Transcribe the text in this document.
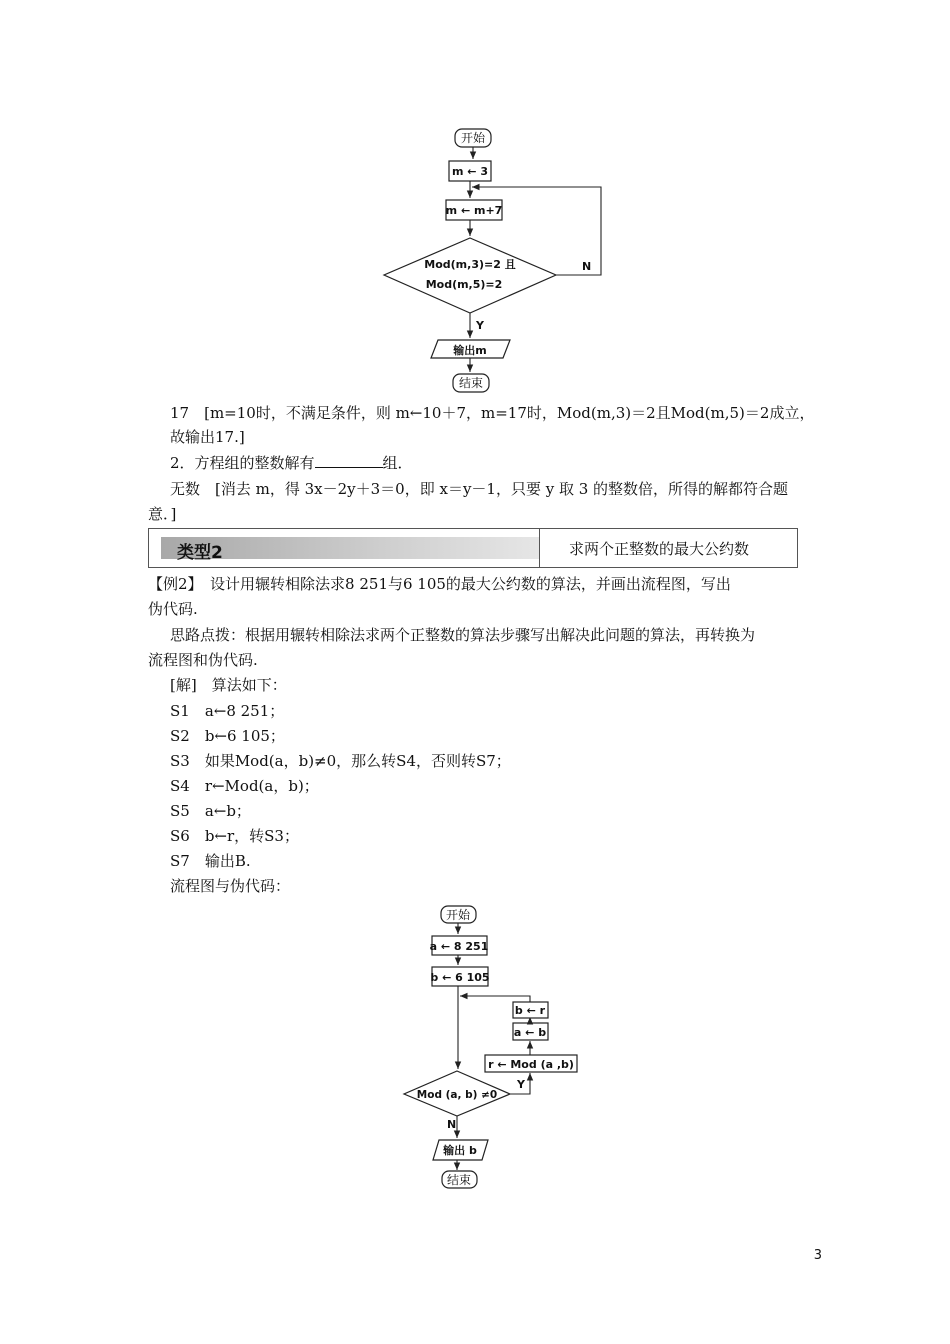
开始
m ← 3
m ← m+7
Mod(m,3)=2 且
Mod(m,5)=2
N
Y
输出m
结束
17　[m=10时，不满足条件，则 m←10＋7，m=17时，Mod(m,3)＝2且Mod(m,5)＝2成立，
故输出17.]
2．方程组的整数解有	组．
无数　[消去 m，得 3x－2y＋3＝0，即 x＝y－1，只要 y 取 3 的整数倍，所得的解都符合题
意．]
类型2	求两个正整数的最大公约数
【例2】　设计用辗转相除法求8 251与6 105的最大公约数的算法，并画出流程图，写出
伪代码.
思路点拨：根据用辗转相除法求两个正整数的算法步骤写出解决此问题的算法，再转换为
流程图和伪代码.
[解]　算法如下：
S1　a←8 251；
S2　b←6 105；
S3　如果Mod(a，b)≠0，那么转S4，否则转S7；
S4　r←Mod(a，b)；
S5　a←b；
S6　b←r，转S3；
S7　输出B.
流程图与伪代码：
开始
a ← 8 251
b ← 6 105
Mod (a, b) ≠0
Y
r ← Mod (a ,b)
a ← b
b ← r
N
输出 b
结束
3
